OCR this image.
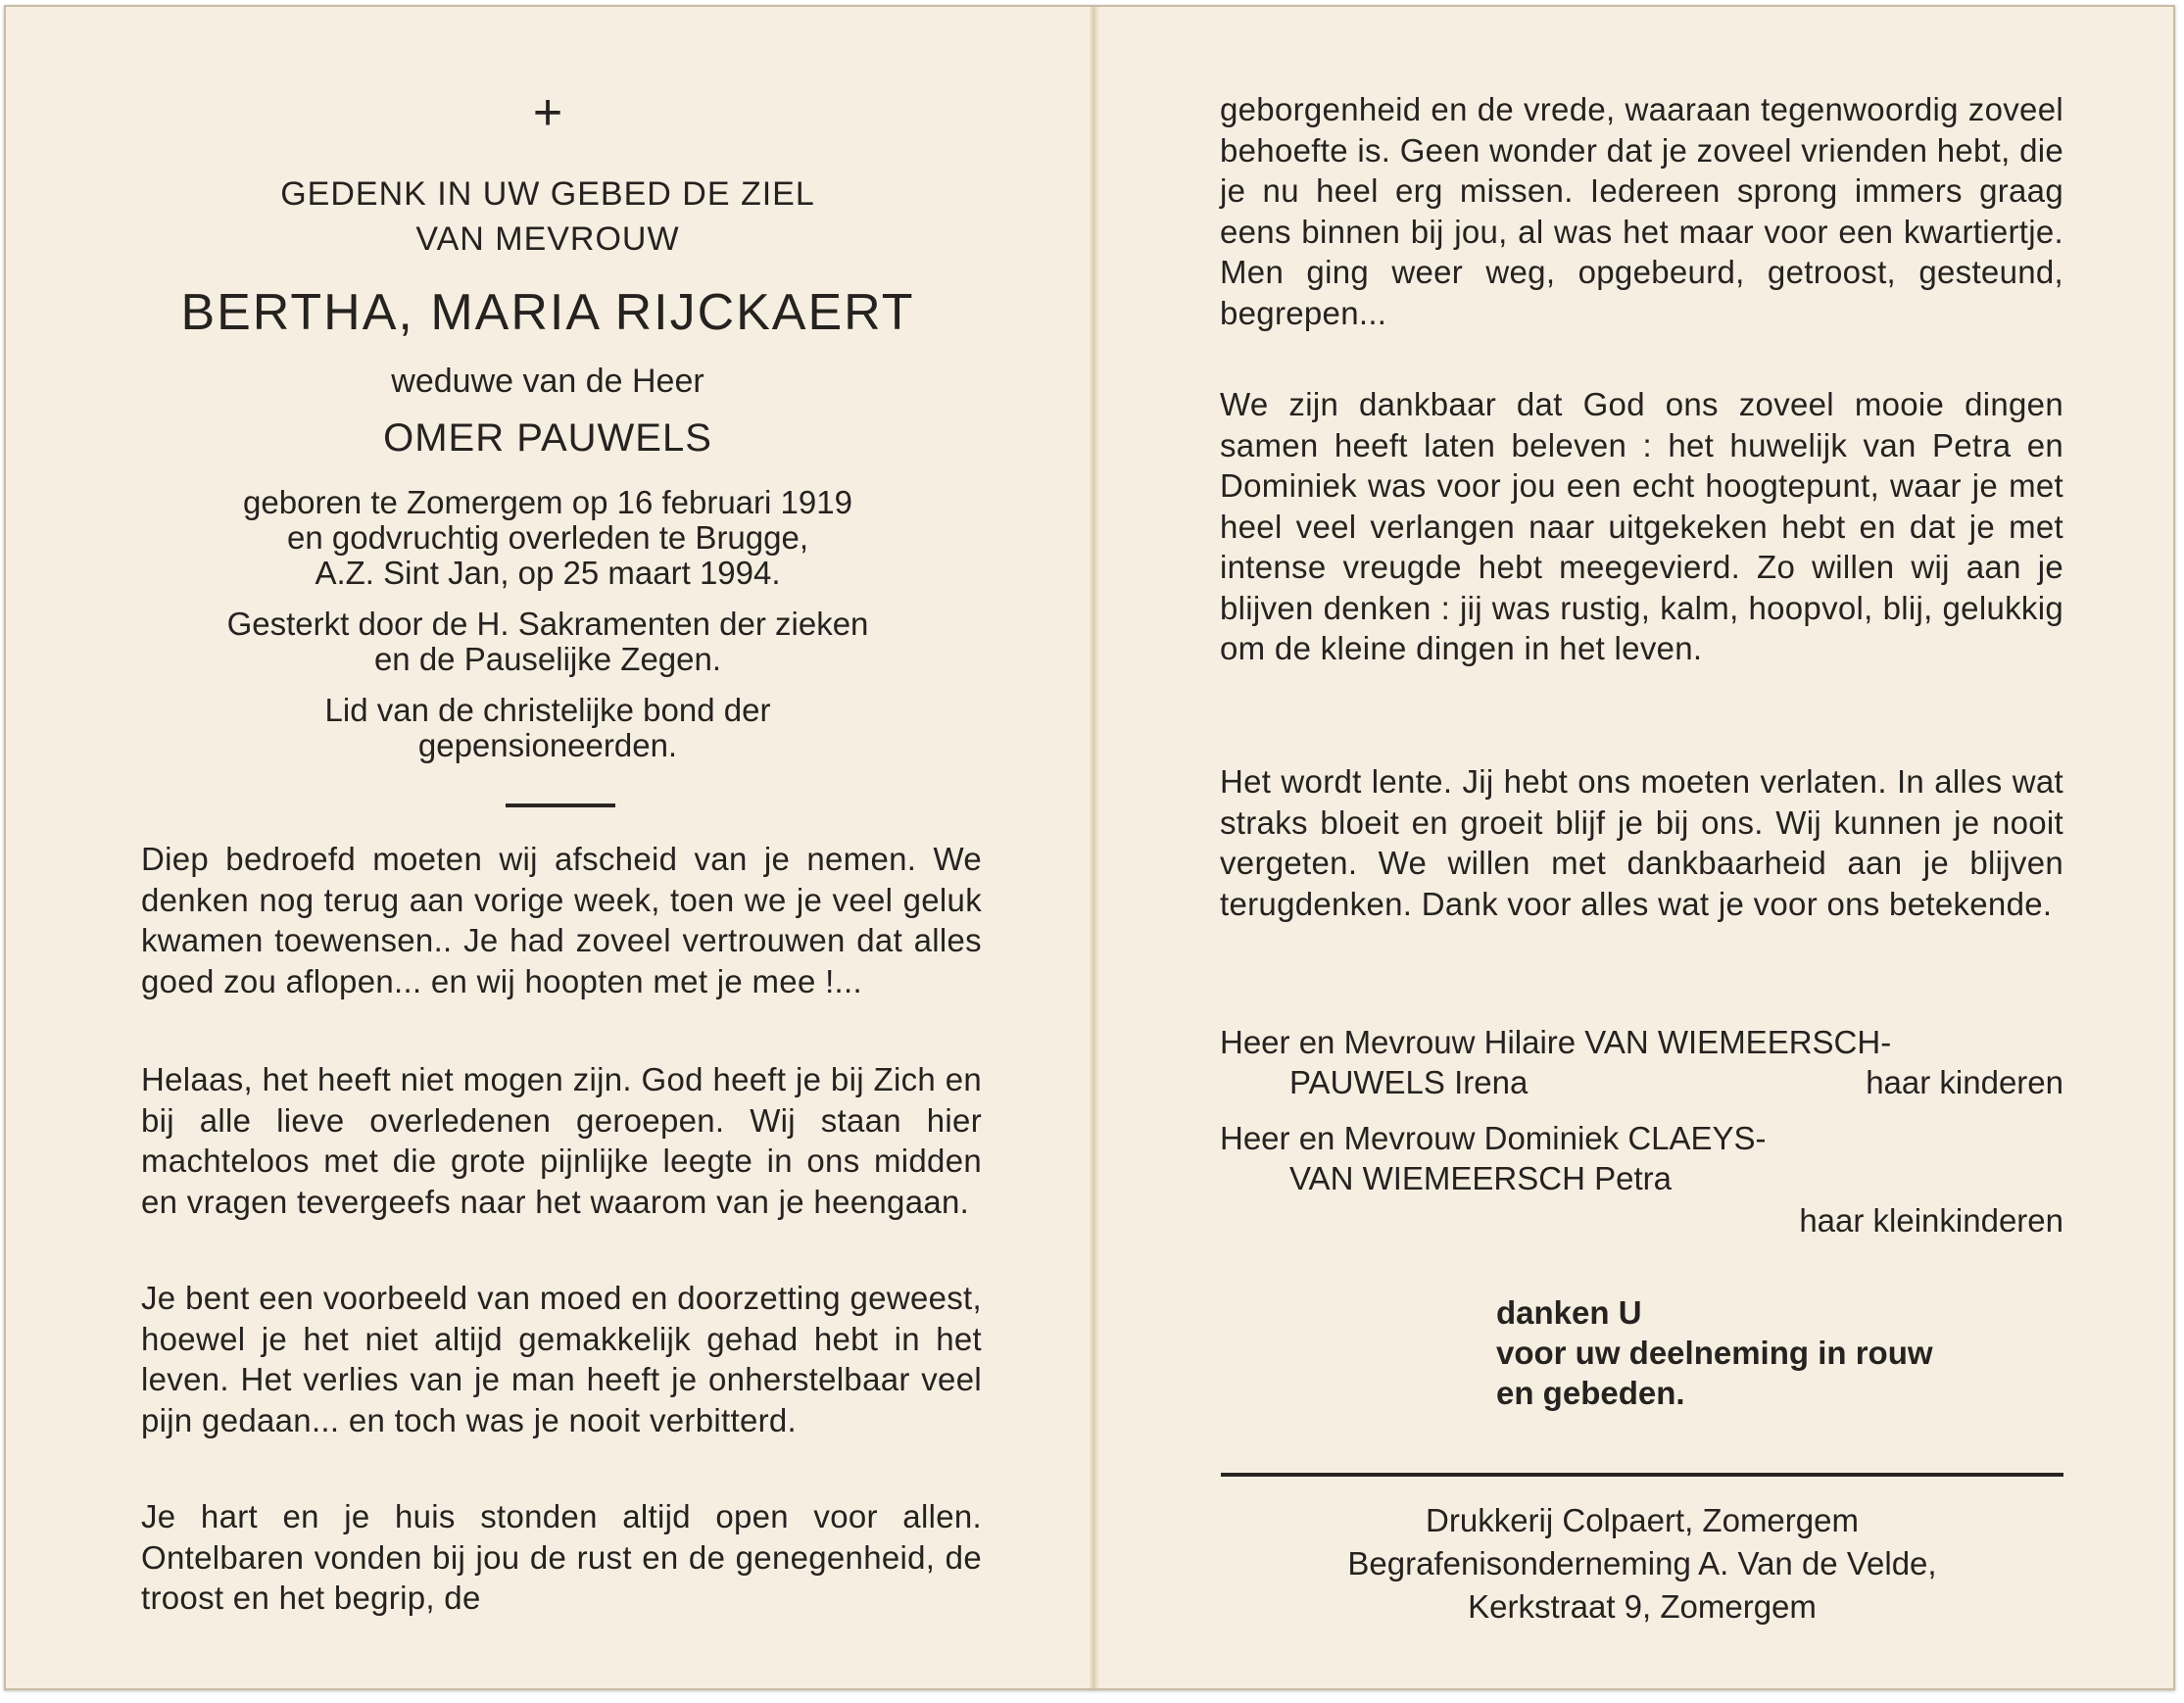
+
GEDENK IN UW GEBED DE ZIEL
VAN MEVROUW
BERTHA, MARIA RIJCKAERT
weduwe van de Heer
OMER PAUWELS
geboren te Zomergem op 16 februari 1919
en godvruchtig overleden te Brugge,
A.Z. Sint Jan, op 25 maart 1994.
Gesterkt door de H. Sakramenten der zieken
en de Pauselijke Zegen.
Lid van de christelijke bond der
gepensioneerden.

Diep bedroefd moeten wij afscheid van je nemen. We denken nog terug aan vorige week, toen we je veel geluk kwamen toewensen.. Je had zoveel vertrouwen dat alles goed zou aflopen... en wij hoopten met je mee !...

Helaas, het heeft niet mogen zijn. God heeft je bij Zich en bij alle lieve overledenen geroepen. Wij staan hier machteloos met die grote pijnlijke leegte in ons midden en vragen tevergeefs naar het waarom van je heengaan.

Je bent een voorbeeld van moed en doorzetting geweest, hoewel je het niet altijd gemakkelijk gehad hebt in het leven. Het verlies van je man heeft je onherstelbaar veel pijn gedaan... en toch was je nooit verbitterd.

Je hart en je huis stonden altijd open voor allen. Ontelbaren vonden bij jou de rust en de genegenheid, de troost en het begrip, de

geborgenheid en de vrede, waaraan tegenwoordig zoveel behoefte is. Geen wonder dat je zoveel vrienden hebt, die je nu heel erg missen. Iedereen sprong immers graag eens binnen bij jou, al was het maar voor een kwartiertje. Men ging weer weg, opgebeurd, getroost, gesteund, begrepen...

We zijn dankbaar dat God ons zoveel mooie dingen samen heeft laten beleven : het huwelijk van Petra en Dominiek was voor jou een echt hoogtepunt, waar je met heel veel verlangen naar uitgekeken hebt en dat je met intense vreugde hebt meegevierd. Zo willen wij aan je blijven denken : jij was rustig, kalm, hoopvol, blij, gelukkig om de kleine dingen in het leven.

Het wordt lente. Jij hebt ons moeten verlaten. In alles wat straks bloeit en groeit blijf je bij ons. Wij kunnen je nooit vergeten. We willen met dankbaarheid aan je blijven terugdenken. Dank voor alles wat je voor ons betekende.

Heer en Mevrouw Hilaire VAN WIEMEERSCH-
PAUWELS Irena	haar kinderen
Heer en Mevrouw Dominiek CLAEYS-
VAN WIEMEERSCH Petra
haar kleinkinderen
danken U
voor uw deelneming in rouw
en gebeden.
Drukkerij Colpaert, Zomergem
Begrafenisonderneming A. Van de Velde,
Kerkstraat 9, Zomergem
